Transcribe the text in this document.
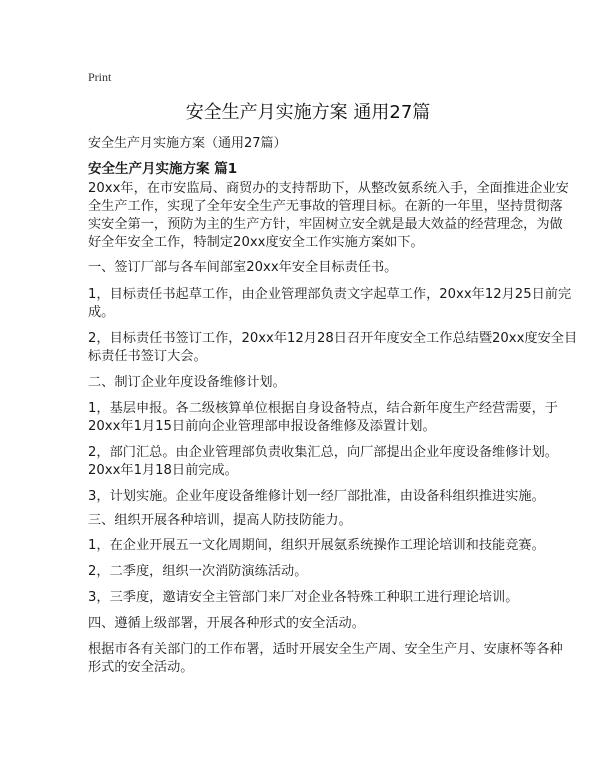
Print
安全生产月实施方案 通用27篇
安全生产月实施方案（通用27篇）
安全生产月实施方案 篇1
20xx年，在市安监局、商贸办的支持帮助下，从整改氨系统入手，全面推进企业安
全生产工作，实现了全年安全生产无事故的管理目标。在新的一年里，坚持贯彻落
实安全第一，预防为主的生产方针，牢固树立安全就是最大效益的经营理念，为做
好全年安全工作，特制定20xx度安全工作实施方案如下。
一、签订厂部与各车间部室20xx年安全目标责任书。
1，目标责任书起草工作，由企业管理部负责文字起草工作，20xx年12月25日前完
成。
2，目标责任书签订工作，20xx年12月28日召开年度安全工作总结暨20xx度安全目
标责任书签订大会。
二、制订企业年度设备维修计划。
1，基层申报。各二级核算单位根据自身设备特点，结合新年度生产经营需要，于
20xx年1月15日前向企业管理部申报设备维修及添置计划。
2，部门汇总。由企业管理部负责收集汇总，向厂部提出企业年度设备维修计划。
20xx年1月18日前完成。
3，计划实施。企业年度设备维修计划一经厂部批准，由设备科组织推进实施。
三、组织开展各种培训，提高人防技防能力。
1，在企业开展五一文化周期间，组织开展氨系统操作工理论培训和技能竞赛。
2，二季度，组织一次消防演练活动。
3，三季度，邀请安全主管部门来厂对企业各特殊工种职工进行理论培训。
四、遵循上级部署，开展各种形式的安全活动。
根据市各有关部门的工作布署，适时开展安全生产周、安全生产月、安康杯等各种
形式的安全活动。
